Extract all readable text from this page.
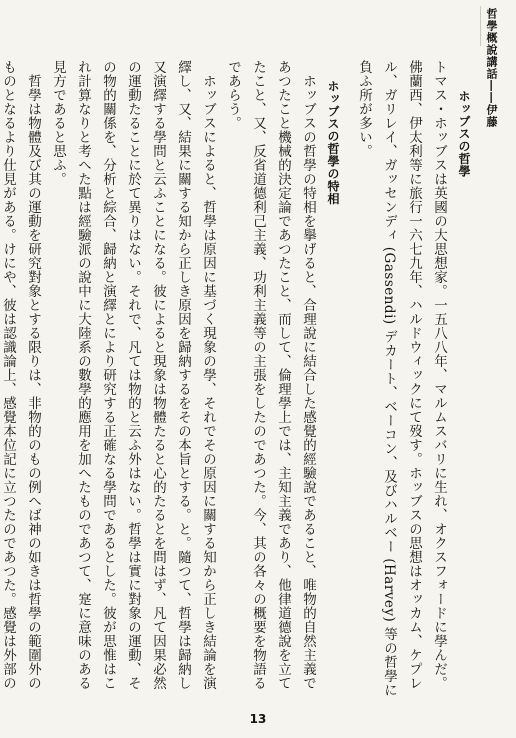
哲學概說講話――伊藤

ホッブスの哲學

トマス・ホッブスは英國の大思想家。一五八八年、マルムスバリに生れ、オクスフォードに學んだ。佛蘭西、伊太利等に旅行一六七九年、ハルドウィックにて歿す。ホッブスの思想はオッカム、ケプレル、ガリレイ、ガッセンディ (Gassendi) デカート、ベーコン、及びハルベー (Harvey) 等の哲學に負ふ所が多い。

ホッブスの哲學の特相

ホッブスの哲學の特相を擧げると、合理說に結合した感覺的經驗說であること、唯物的自然主義であつたこと機械的決定論であつたこと、而して、倫理學上では、主知主義であり、他律道德說を立てたこと、又、反省道德利己主義、功利主義等の主張をしたのであつた。今、其の各々の概要を物語るであらう。

ホッブスによると、哲學は原因に基づく現象の學、それでその原因に關する知から正しき結論を演繹し、又、結果に關する知から正しき原因を歸納するをその本旨とする。と。隨つて、哲學は歸納し又演繹する學問と云ふことになる。彼によると現象は物體たると心的たるとを問はず、凡て因果必然の運動たることに於て異りはない。それで、凡ては物的と云ふ外はない。哲學は實に對象の運動、その物的關係を、分析と綜合、歸納と演繹とにより研究する正確なる學問であるとした。彼が思惟はこれ計算なりと考へた點は經驗派の說中に大陸系の數學的應用を加へたものであつて、寔に意味のある見方であると思ふ。

哲學は物體及び其の運動を研究對象とする限りは、非物的のもの例へば神の如きは哲學の範圍外のものとなるより仕見がある。けにや、彼は認識論上、感覺本位記に立つたのであつた。感覺は外部の

13
